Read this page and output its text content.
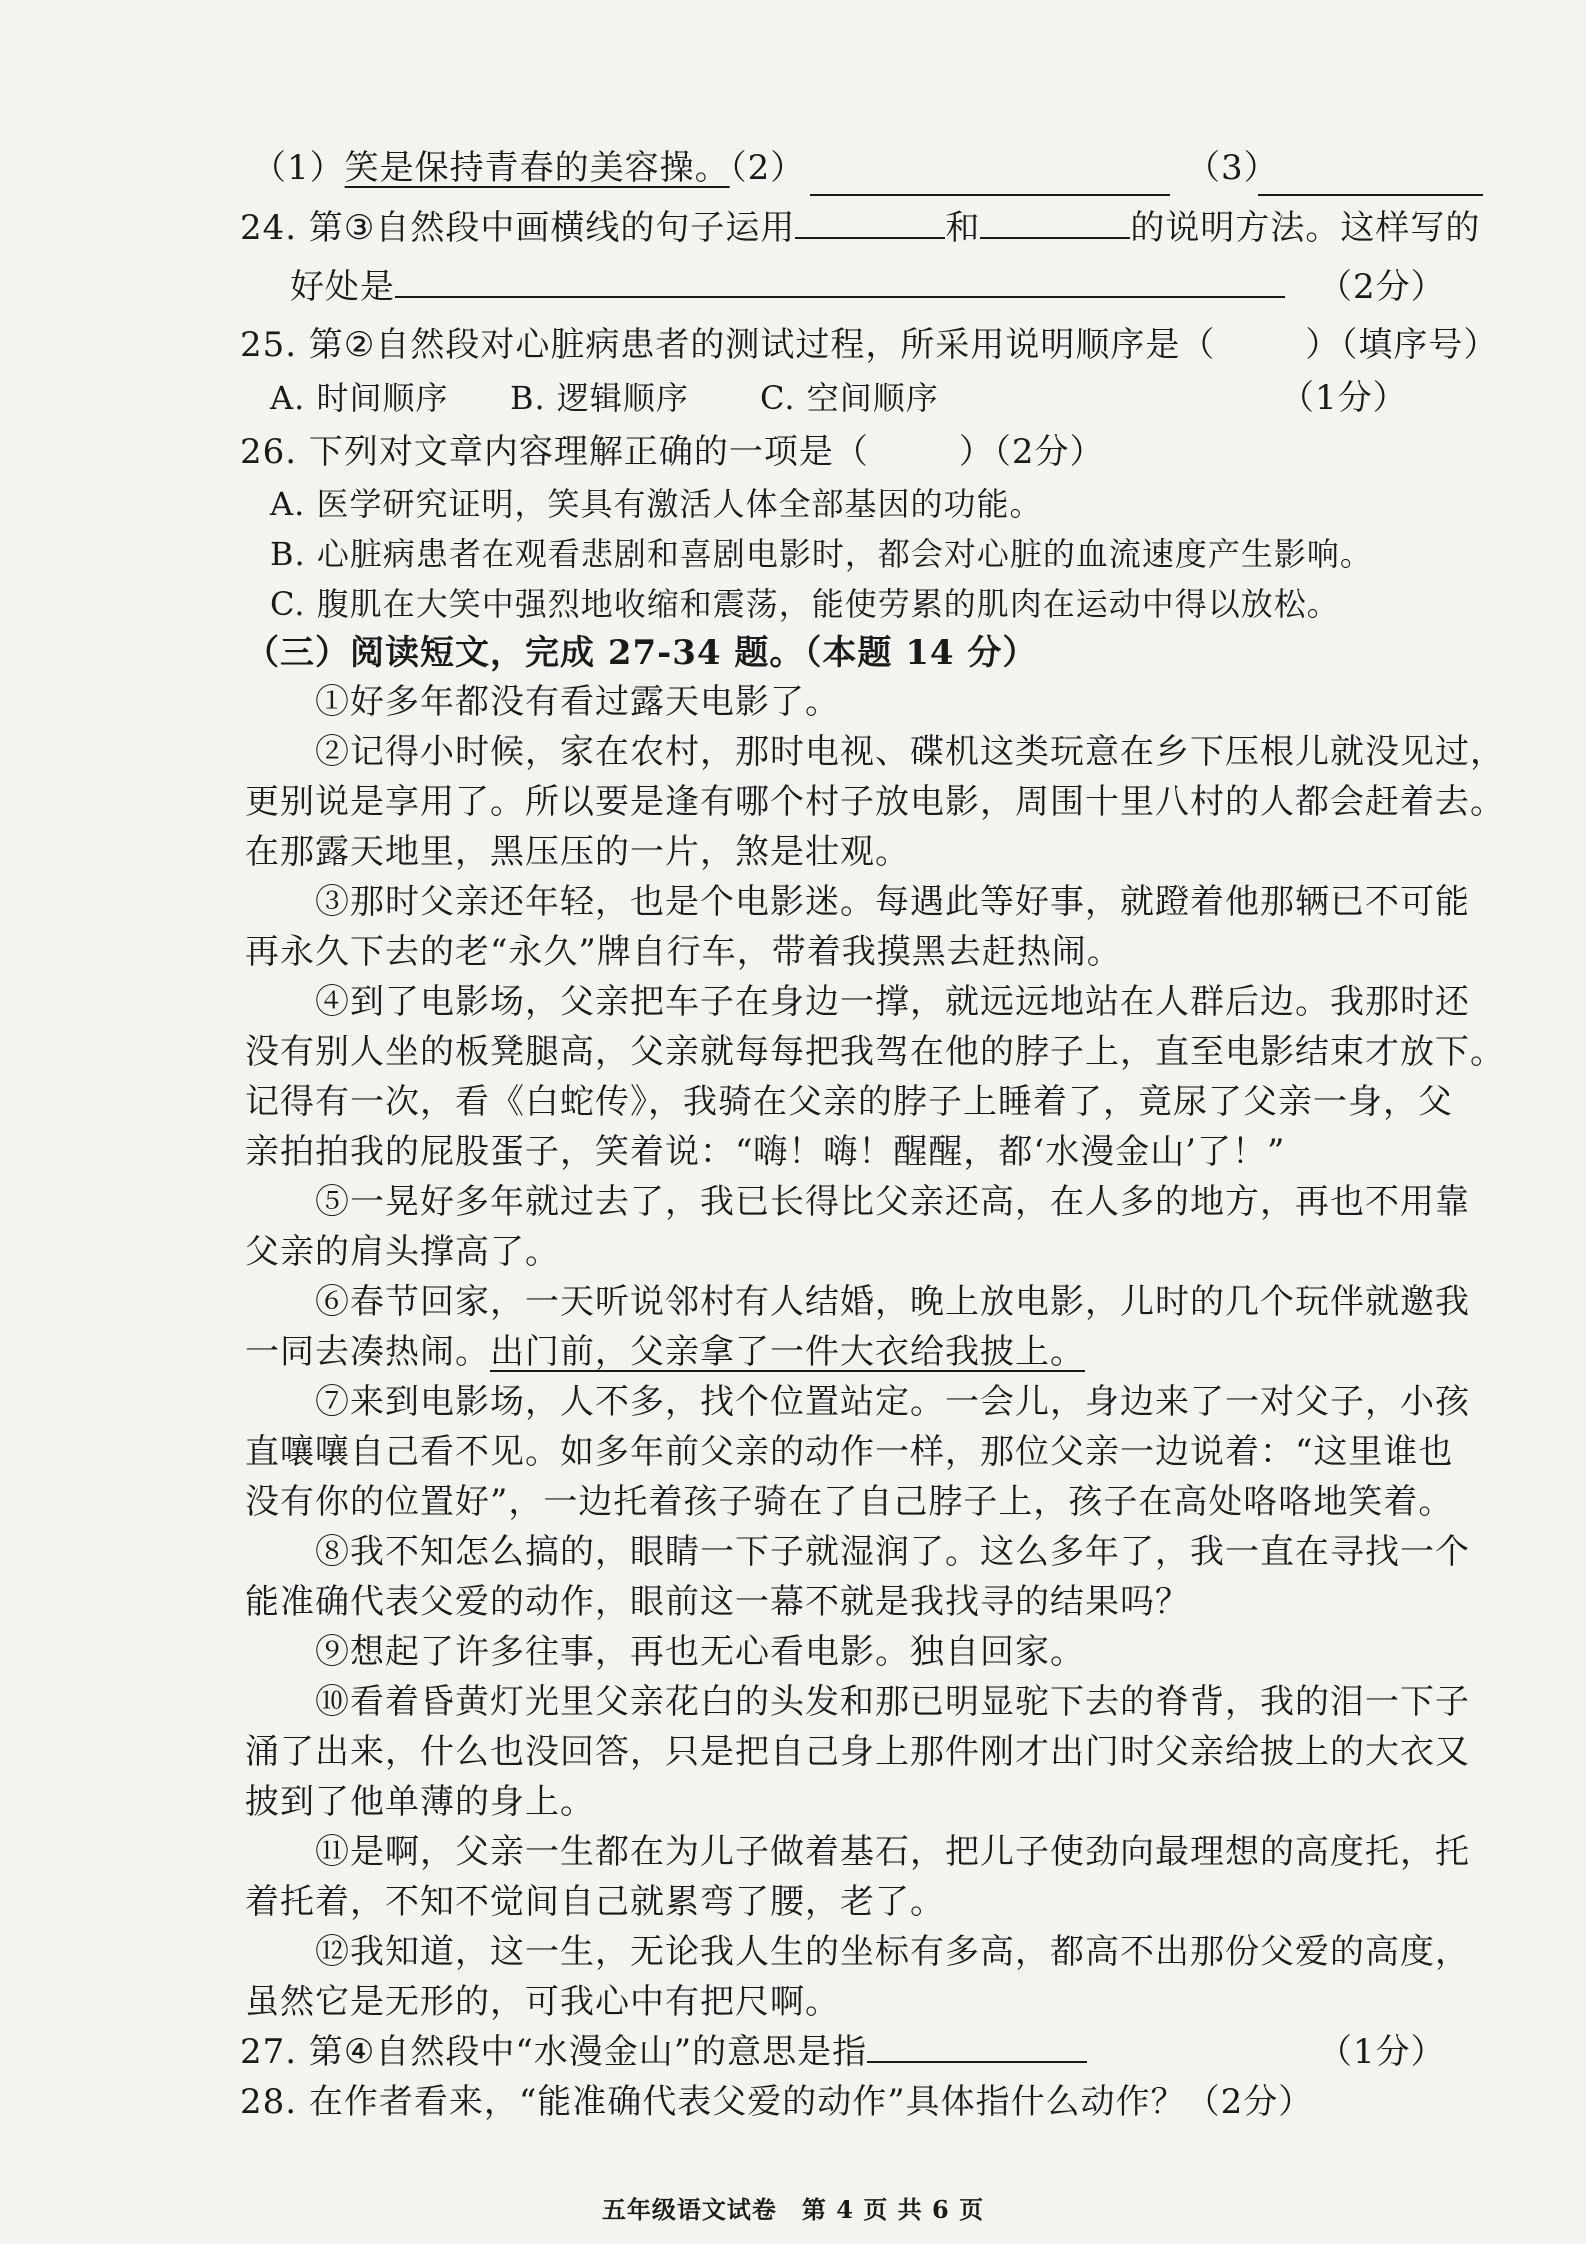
（1）笑是保持青春的美容操。（2）	（3）
24. 第③自然段中画横线的句子运用	和	的说明方法。这样写的
好处是	（2分）
25. 第②自然段对心脏病患者的测试过程，所采用说明顺序是（	）（填序号）
A. 时间顺序 B. 逻辑顺序 C. 空间顺序	（1分）
26. 下列对文章内容理解正确的一项是（	）（2分）
A. 医学研究证明，笑具有激活人体全部基因的功能。
B. 心脏病患者在观看悲剧和喜剧电影时，都会对心脏的血流速度产生影响。
C. 腹肌在大笑中强烈地收缩和震荡，能使劳累的肌肉在运动中得以放松。
（三）阅读短文，完成 27-34 题。（本题 14 分）
①好多年都没有看过露天电影了。
②记得小时候，家在农村，那时电视、碟机这类玩意在乡下压根儿就没见过，
更别说是享用了。所以要是逢有哪个村子放电影，周围十里八村的人都会赶着去。
在那露天地里，黑压压的一片，煞是壮观。
③那时父亲还年轻，也是个电影迷。每遇此等好事，就蹬着他那辆已不可能
再永久下去的老“永久”牌自行车，带着我摸黑去赶热闹。
④到了电影场，父亲把车子在身边一撑，就远远地站在人群后边。我那时还
没有别人坐的板凳腿高，父亲就每每把我驾在他的脖子上，直至电影结束才放下。
记得有一次，看《白蛇传》，我骑在父亲的脖子上睡着了，竟尿了父亲一身，父
亲拍拍我的屁股蛋子，笑着说：“嗨！嗨！醒醒，都‘水漫金山’了！”
⑤一晃好多年就过去了，我已长得比父亲还高，在人多的地方，再也不用靠
父亲的肩头撑高了。
⑥春节回家，一天听说邻村有人结婚，晚上放电影，儿时的几个玩伴就邀我
一同去凑热闹。出门前，父亲拿了一件大衣给我披上。
⑦来到电影场，人不多，找个位置站定。一会儿，身边来了一对父子，小孩
直嚷嚷自己看不见。如多年前父亲的动作一样，那位父亲一边说着：“这里谁也
没有你的位置好”，一边托着孩子骑在了自己脖子上，孩子在高处咯咯地笑着。
⑧我不知怎么搞的，眼睛一下子就湿润了。这么多年了，我一直在寻找一个
能准确代表父爱的动作，眼前这一幕不就是我找寻的结果吗？
⑨想起了许多往事，再也无心看电影。独自回家。
⑩看着昏黄灯光里父亲花白的头发和那已明显驼下去的脊背，我的泪一下子
涌了出来，什么也没回答，只是把自己身上那件刚才出门时父亲给披上的大衣又
披到了他单薄的身上。
⑪是啊，父亲一生都在为儿子做着基石，把儿子使劲向最理想的高度托，托
着托着，不知不觉间自己就累弯了腰，老了。
⑫我知道，这一生，无论我人生的坐标有多高，都高不出那份父爱的高度，
虽然它是无形的，可我心中有把尺啊。
27. 第④自然段中“水漫金山”的意思是指	（1分）
28. 在作者看来，“能准确代表父爱的动作”具体指什么动作？（2分）
五年级语文试卷　第 4 页 共 6 页
